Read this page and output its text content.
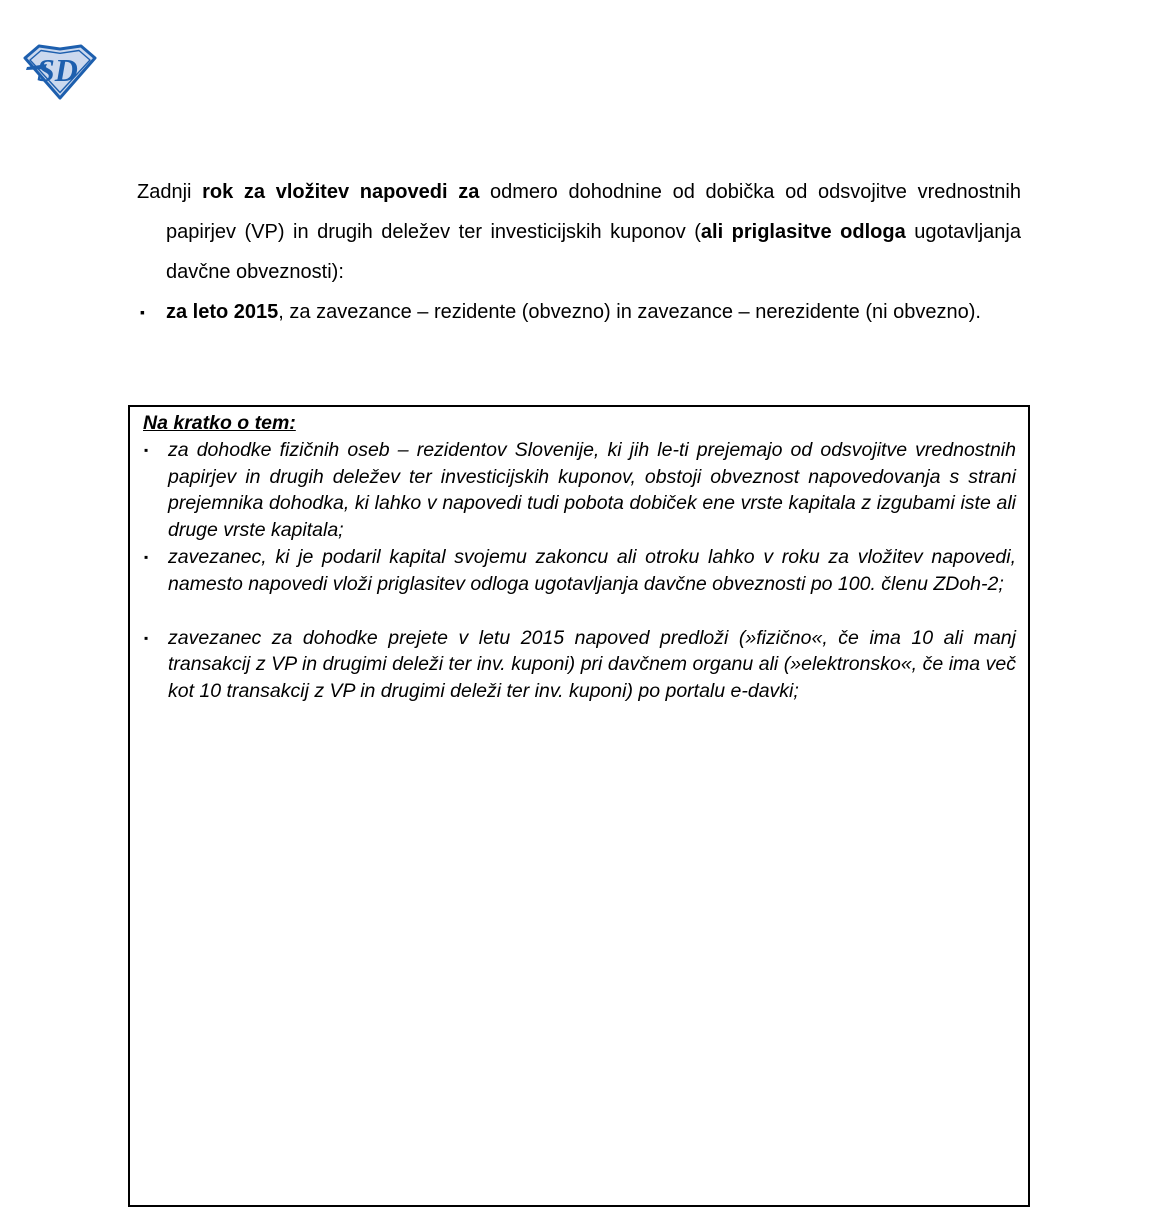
SD

Zadnji rok za vložitev napovedi za odmero dohodnine od dobička od odsvojitve vrednostnih papirjev (VP) in drugih deležev ter investicijskih kuponov (ali priglasitve odloga ugotavljanja davčne obveznosti):

▪ za leto 2015, za zavezance – rezidente (obvezno) in zavezance – nerezidente (ni obvezno).

Na kratko o tem:

▪ za dohodke fizičnih oseb – rezidentov Slovenije, ki jih le-ti prejemajo od odsvojitve vrednostnih papirjev in drugih deležev ter investicijskih kuponov, obstoji obveznost napovedovanja s strani prejemnika dohodka, ki lahko v napovedi tudi pobota dobiček ene vrste kapitala z izgubami iste ali druge vrste kapitala;

▪ zavezanec, ki je podaril kapital svojemu zakoncu ali otroku lahko v roku za vložitev napovedi, namesto napovedi vloži priglasitev odloga ugotavljanja davčne obveznosti po 100. členu ZDoh-2;

▪ zavezanec za dohodke prejete v letu 2015 napoved predloži (»fizično«, če ima 10 ali manj transakcij z VP in drugimi deleži ter inv. kuponi) pri davčnem organu ali (»elektronsko«, če ima več kot 10 transakcij z VP in drugimi deleži ter inv. kuponi) po portalu e-davki;
